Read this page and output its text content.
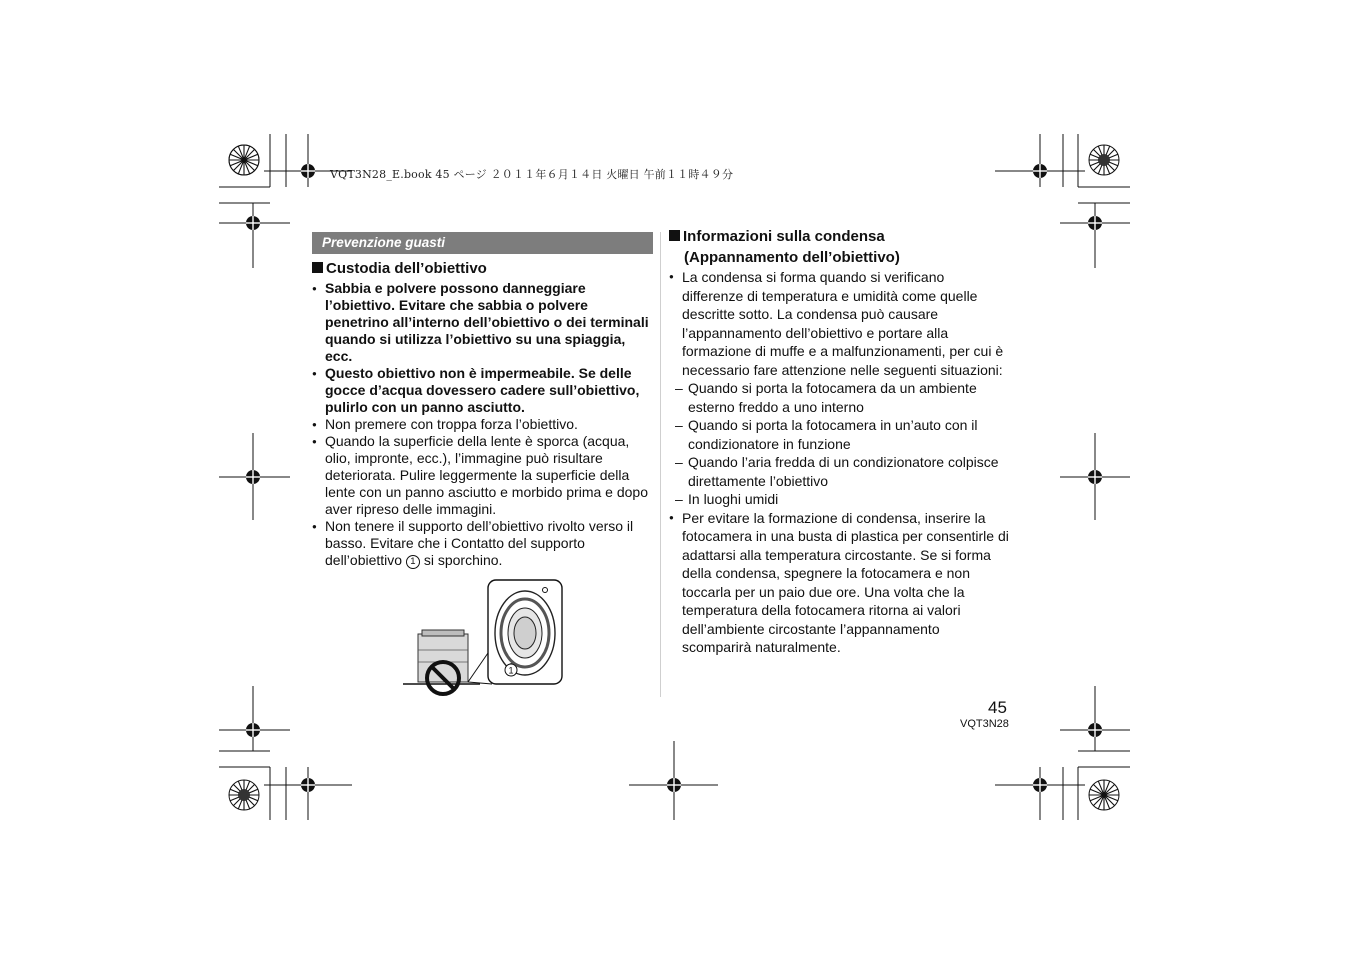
VQT3N28_E.book 45 ページ ２０１１年６月１４日 火曜日 午前１１時４９分
Prevenzione guasti
Custodia dell’obiettivo
● Sabbia e polvere possono danneggiare l’obiettivo. Evitare che sabbia o polvere penetrino all’interno dell’obiettivo o dei terminali quando si utilizza l’obiettivo su una spiaggia, ecc.
● Questo obiettivo non è impermeabile. Se delle gocce d’acqua dovessero cadere sull’obiettivo, pulirlo con un panno asciutto.
● Non premere con troppa forza l’obiettivo.
● Quando la superficie della lente è sporca (acqua, olio, impronte, ecc.), l’immagine può risultare deteriorata. Pulire leggermente la superficie della lente con un panno asciutto e morbido prima e dopo aver ripreso delle immagini.
● Non tenere il supporto dell’obiettivo rivolto verso il basso. Evitare che i Contatto del supporto dell’obiettivo 1 si sporchino.
1
Informazioni sulla condensa
(Appannamento dell’obiettivo)
● La condensa si forma quando si verificano differenze di temperatura e umidità come quelle descritte sotto. La condensa può causare l’appannamento dell’obiettivo e portare alla formazione di muffe e a malfunzionamenti, per cui è necessario fare attenzione nelle seguenti situazioni:
– Quando si porta la fotocamera da un ambiente esterno freddo a uno interno
– Quando si porta la fotocamera in un’auto con il condizionatore in funzione
– Quando l’aria fredda di un condizionatore colpisce direttamente l’obiettivo
– In luoghi umidi
● Per evitare la formazione di condensa, inserire la fotocamera in una busta di plastica per consentirle di adattarsi alla temperatura circostante. Se si forma della condensa, spegnere la fotocamera e non toccarla per un paio due ore. Una volta che la temperatura della fotocamera ritorna ai valori dell’ambiente circostante l’appannamento scomparirà naturalmente.
45
VQT3N28
